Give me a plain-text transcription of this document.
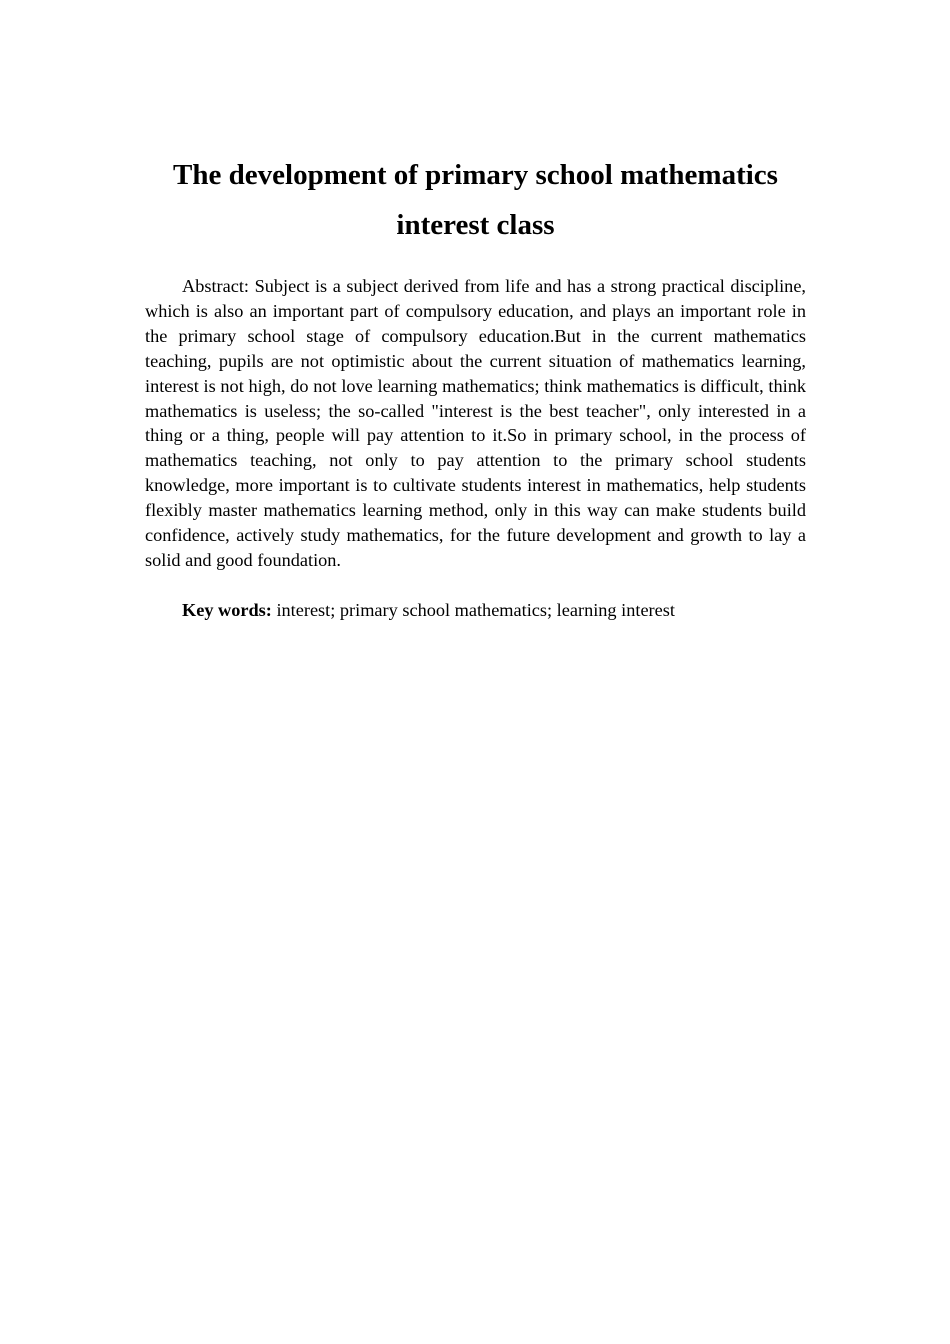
The development of primary school mathematics
interest class

Abstract: Subject is a subject derived from life and has a strong practical discipline, which is also an important part of compulsory education, and plays an important role in the primary school stage of compulsory education.But in the current mathematics teaching, pupils are not optimistic about the current situation of mathematics learning, interest is not high, do not love learning mathematics; think mathematics is difficult, think mathematics is useless; the so-called "interest is the best teacher", only interested in a thing or a thing, people will pay attention to it.So in primary school, in the process of mathematics teaching, not only to pay attention to the primary school students knowledge, more important is to cultivate students interest in mathematics, help students flexibly master mathematics learning method, only in this way can make students build confidence, actively study mathematics, for the future development and growth to lay a solid and good foundation.

Key words: interest; primary school mathematics; learning interest
